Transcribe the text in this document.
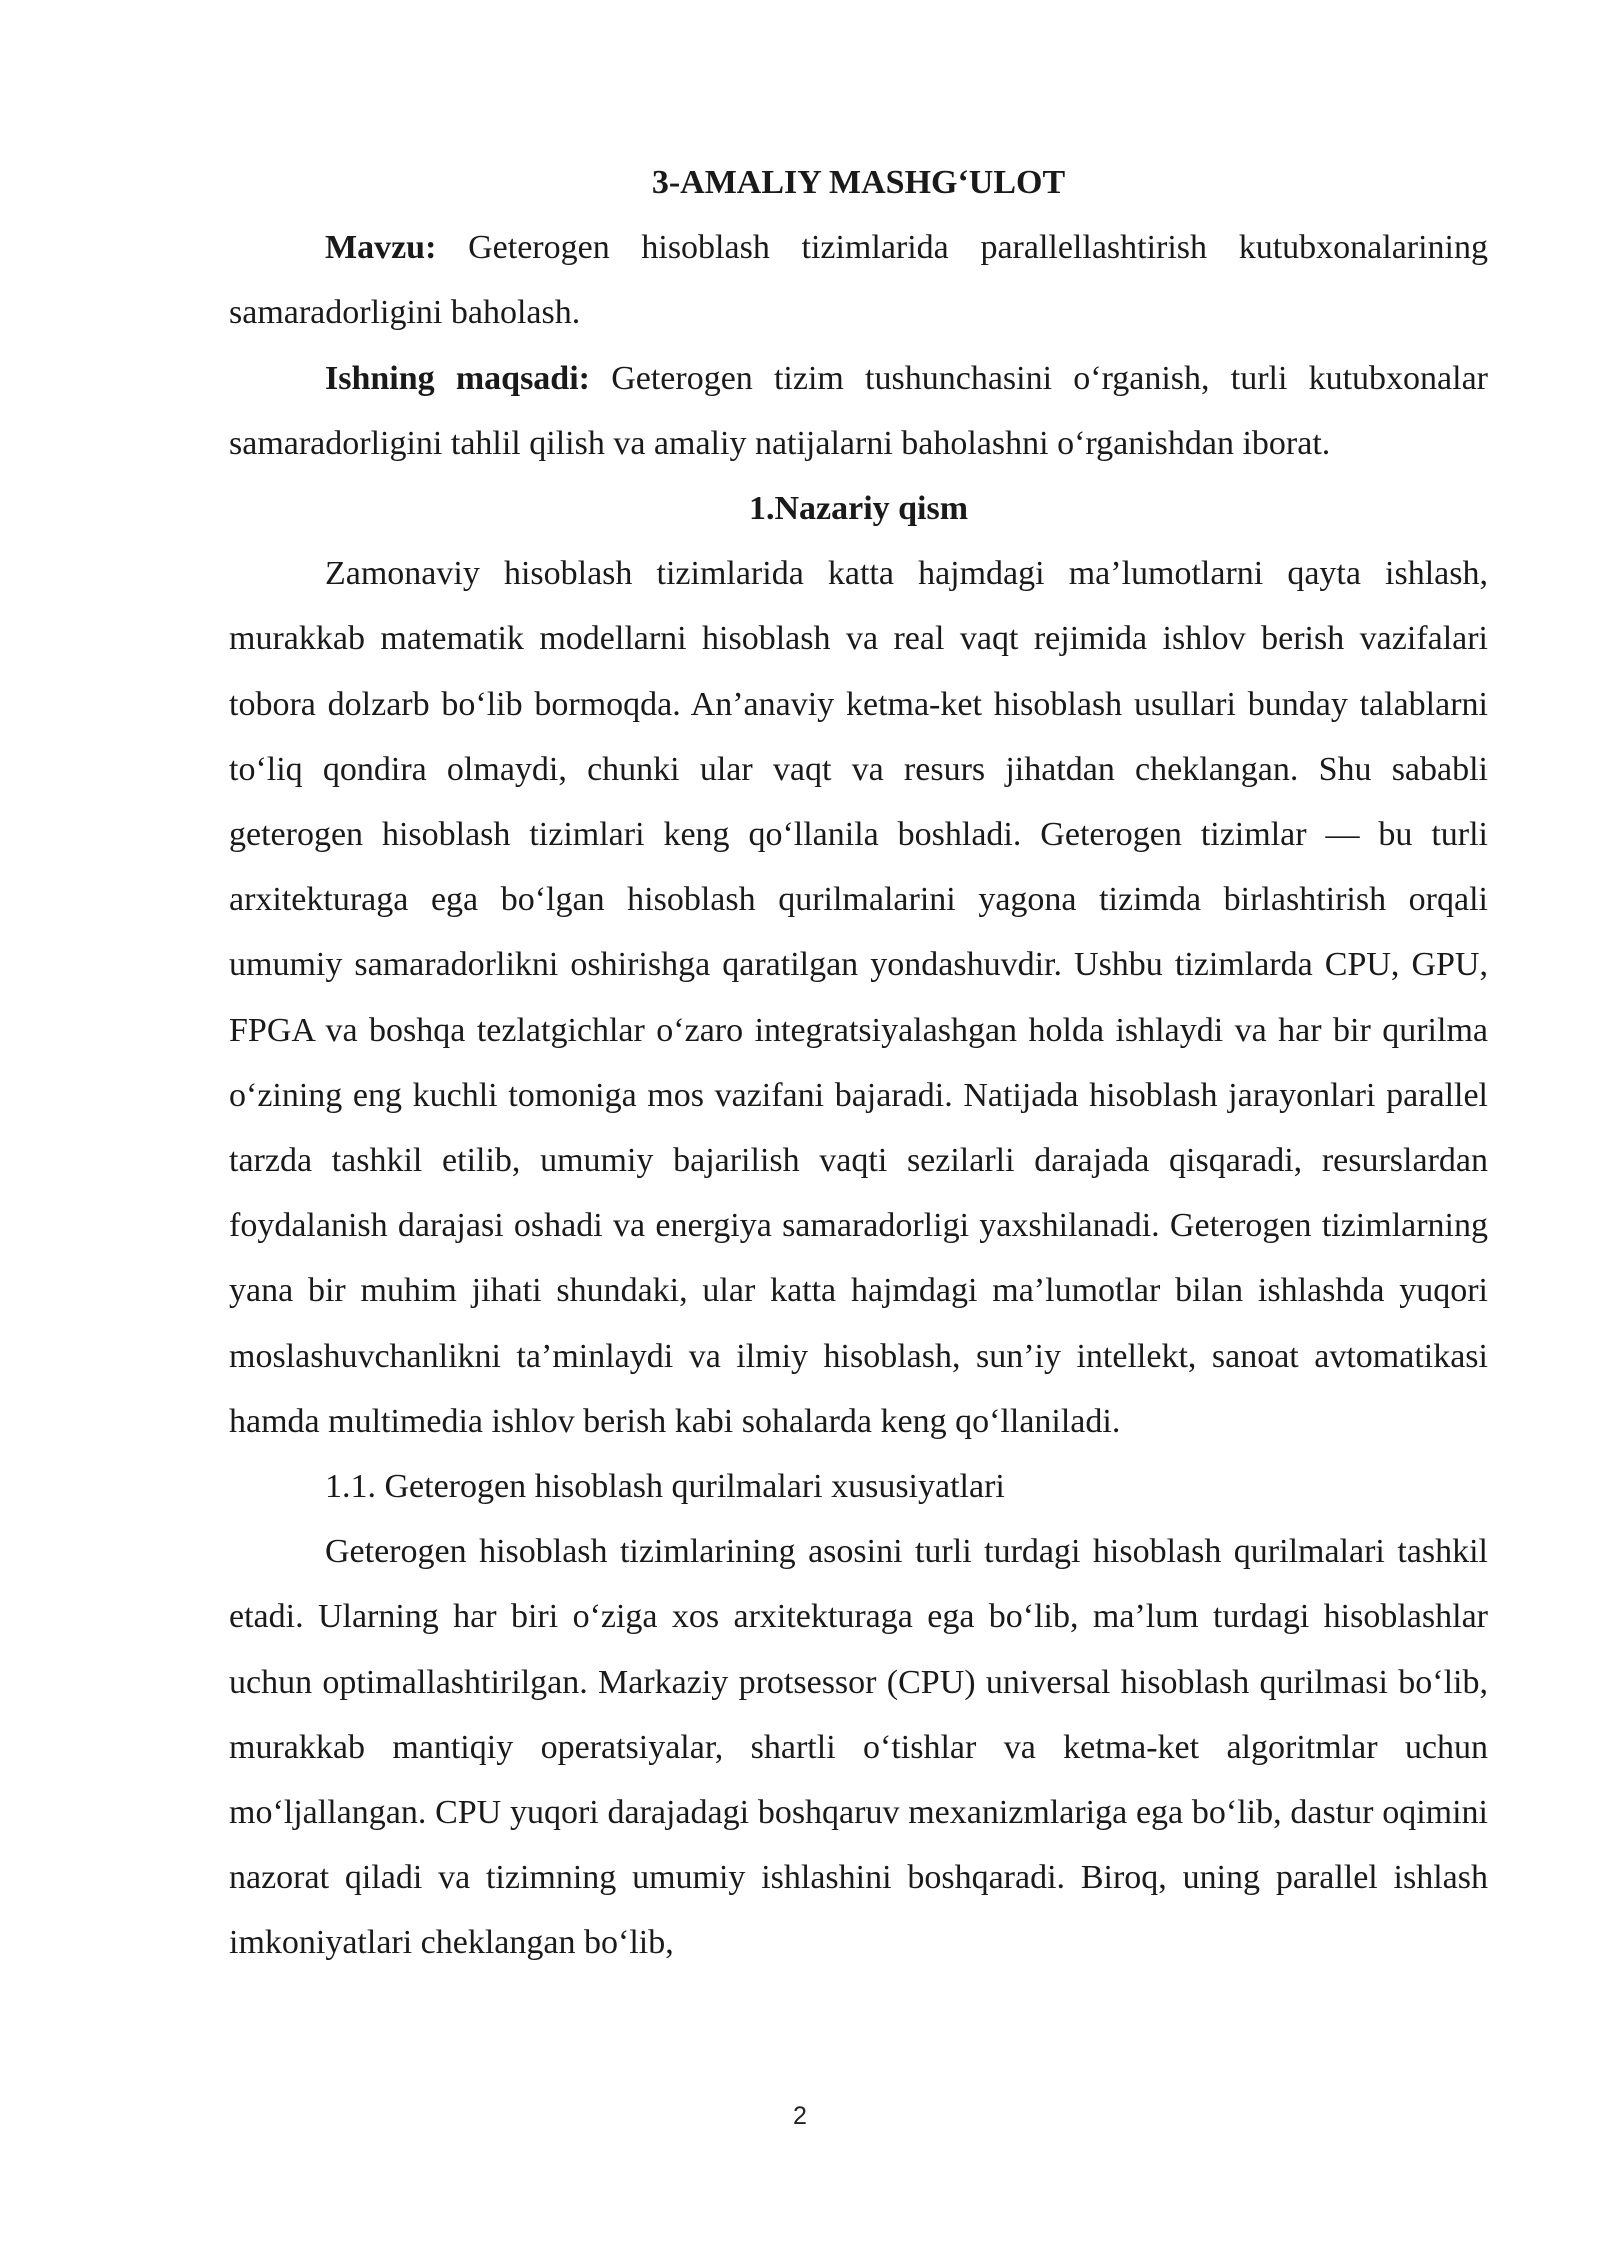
3-AMALIY MASHG‘ULOT

Mavzu: Geterogen hisoblash tizimlarida parallellashtirish kutubxonalarining samaradorligini baholash.

Ishning maqsadi: Geterogen tizim tushunchasini o‘rganish, turli kutubxonalar samaradorligini tahlil qilish va amaliy natijalarni baholashni o‘rganishdan iborat.

1.Nazariy qism

Zamonaviy hisoblash tizimlarida katta hajmdagi ma’lumotlarni qayta ishlash, murakkab matematik modellarni hisoblash va real vaqt rejimida ishlov berish vazifalari tobora dolzarb bo‘lib bormoqda. An’anaviy ketma-ket hisoblash usullari bunday talablarni to‘liq qondira olmaydi, chunki ular vaqt va resurs jihatdan cheklangan. Shu sababli geterogen hisoblash tizimlari keng qo‘llanila boshladi. Geterogen tizimlar — bu turli arxitekturaga ega bo‘lgan hisoblash qurilmalarini yagona tizimda birlashtirish orqali umumiy samaradorlikni oshirishga qaratilgan yondashuvdir. Ushbu tizimlarda CPU, GPU, FPGA va boshqa tezlatgichlar o‘zaro integratsiyalashgan holda ishlaydi va har bir qurilma o‘zining eng kuchli tomoniga mos vazifani bajaradi. Natijada hisoblash jarayonlari parallel tarzda tashkil etilib, umumiy bajarilish vaqti sezilarli darajada qisqaradi, resurslardan foydalanish darajasi oshadi va energiya samaradorligi yaxshilanadi. Geterogen tizimlarning yana bir muhim jihati shundaki, ular katta hajmdagi ma’lumotlar bilan ishlashda yuqori moslashuvchanlikni ta’minlaydi va ilmiy hisoblash, sun’iy intellekt, sanoat avtomatikasi hamda multimedia ishlov berish kabi sohalarda keng qo‘llaniladi.

1.1. Geterogen hisoblash qurilmalari xususiyatlari

Geterogen hisoblash tizimlarining asosini turli turdagi hisoblash qurilmalari tashkil etadi. Ularning har biri o‘ziga xos arxitekturaga ega bo‘lib, ma’lum turdagi hisoblashlar uchun optimallashtirilgan. Markaziy protsessor (CPU) universal hisoblash qurilmasi bo‘lib, murakkab mantiqiy operatsiyalar, shartli o‘tishlar va ketma-ket algoritmlar uchun mo‘ljallangan. CPU yuqori darajadagi boshqaruv mexanizmlariga ega bo‘lib, dastur oqimini nazorat qiladi va tizimning umumiy ishlashini boshqaradi. Biroq, uning parallel ishlash imkoniyatlari cheklangan bo‘lib,

2
